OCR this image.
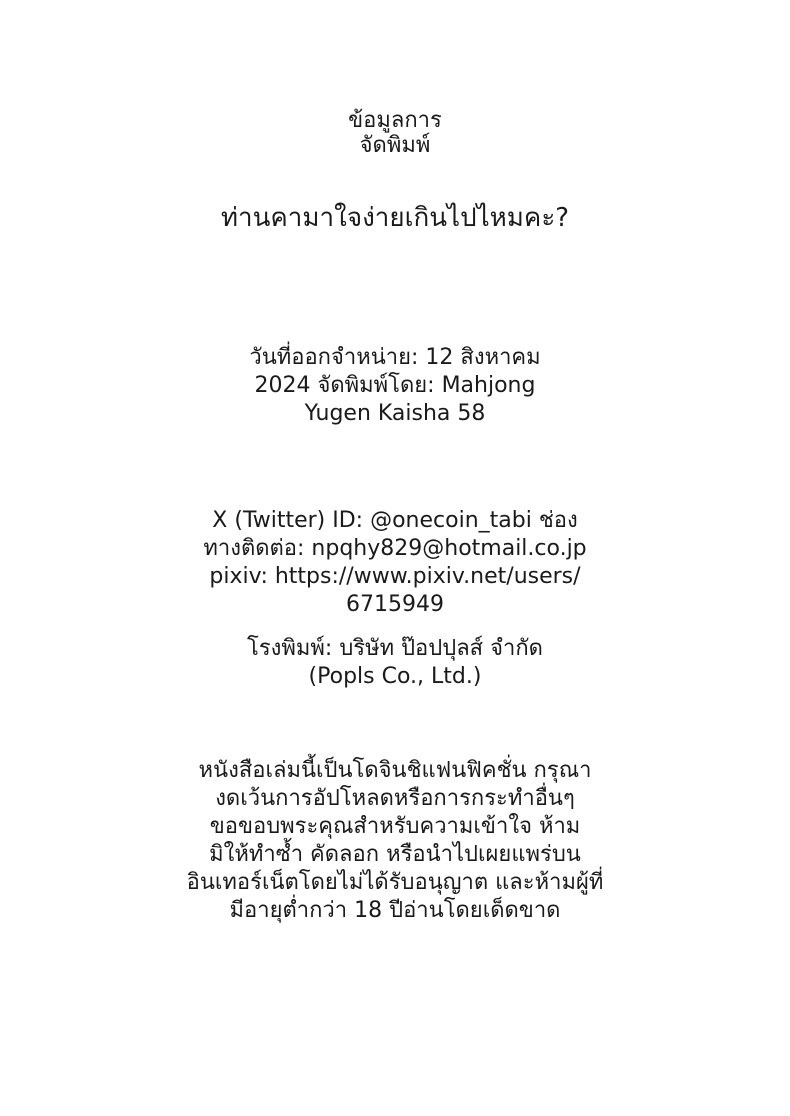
ข้อมูลการ
จัดพิมพ์
ท่านคามาใจง่ายเกินไปไหมคะ?
วันที่ออกจำหน่าย: 12 สิงหาคม
2024 จัดพิมพ์โดย: Mahjong
Yugen Kaisha 58
X (Twitter) ID: @onecoin_tabi ช่อง
ทางติดต่อ: npqhy829@hotmail.co.jp
pixiv: https://www.pixiv.net/users/
6715949
โรงพิมพ์: บริษัท ป๊อปปุลส์ จำกัด
(Popls Co., Ltd.)
หนังสือเล่มนี้เป็นโดจินชิแฟนฟิคชั่น กรุณา
งดเว้นการอัปโหลดหรือการกระทำอื่นๆ
ขอขอบพระคุณสำหรับความเข้าใจ ห้าม
มิให้ทำซ้ำ คัดลอก หรือนำไปเผยแพร่บน
อินเทอร์เน็ตโดยไม่ได้รับอนุญาต และห้ามผู้ที่
มีอายุต่ำกว่า 18 ปีอ่านโดยเด็ดขาด
